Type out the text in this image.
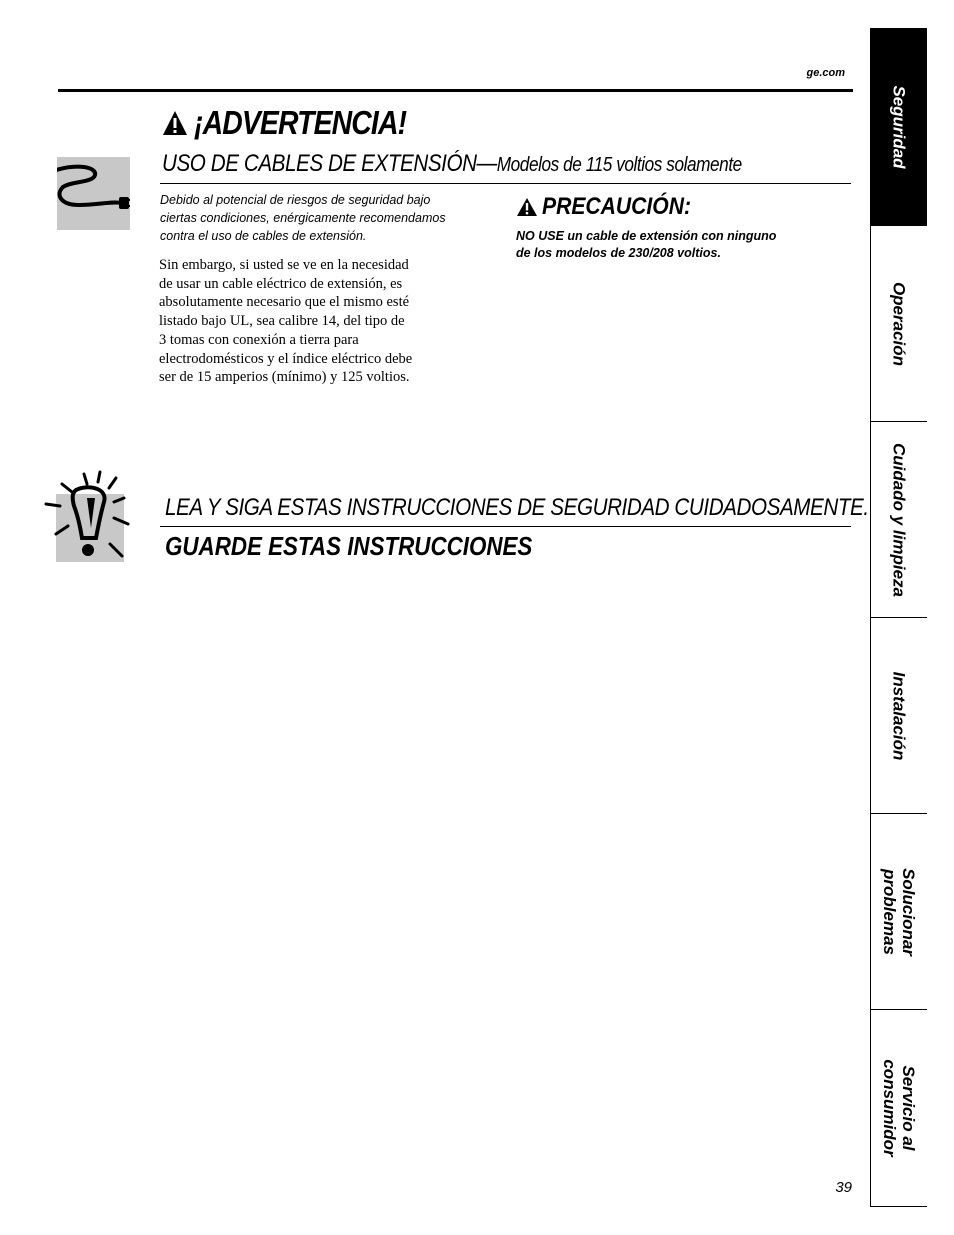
ge.com
¡ADVERTENCIA!
USO DE CABLES DE EXTENSIÓN—Modelos de 115 voltios solamente
Debido al potencial de riesgos de seguridad bajo
ciertas condiciones, enérgicamente recomendamos
contra el uso de cables de extensión.
Sin embargo, si usted se ve en la necesidad
de usar un cable eléctrico de extensión, es
absolutamente necesario que el mismo esté
listado bajo UL, sea calibre 14, del tipo de
3 tomas con conexión a tierra para
electrodomésticos y el índice eléctrico debe
ser de 15 amperios (mínimo) y 125 voltios.
PRECAUCIÓN:
NO USE un cable de extensión con ninguno
de los modelos de 230/208 voltios.
LEA Y SIGA ESTAS INSTRUCCIONES DE SEGURIDAD CUIDADOSAMENTE.
GUARDE ESTAS INSTRUCCIONES
Seguridad
Operación
Cuidado y limpieza
Instalación
Solucionar
problemas
Servicio al
consumidor
39
